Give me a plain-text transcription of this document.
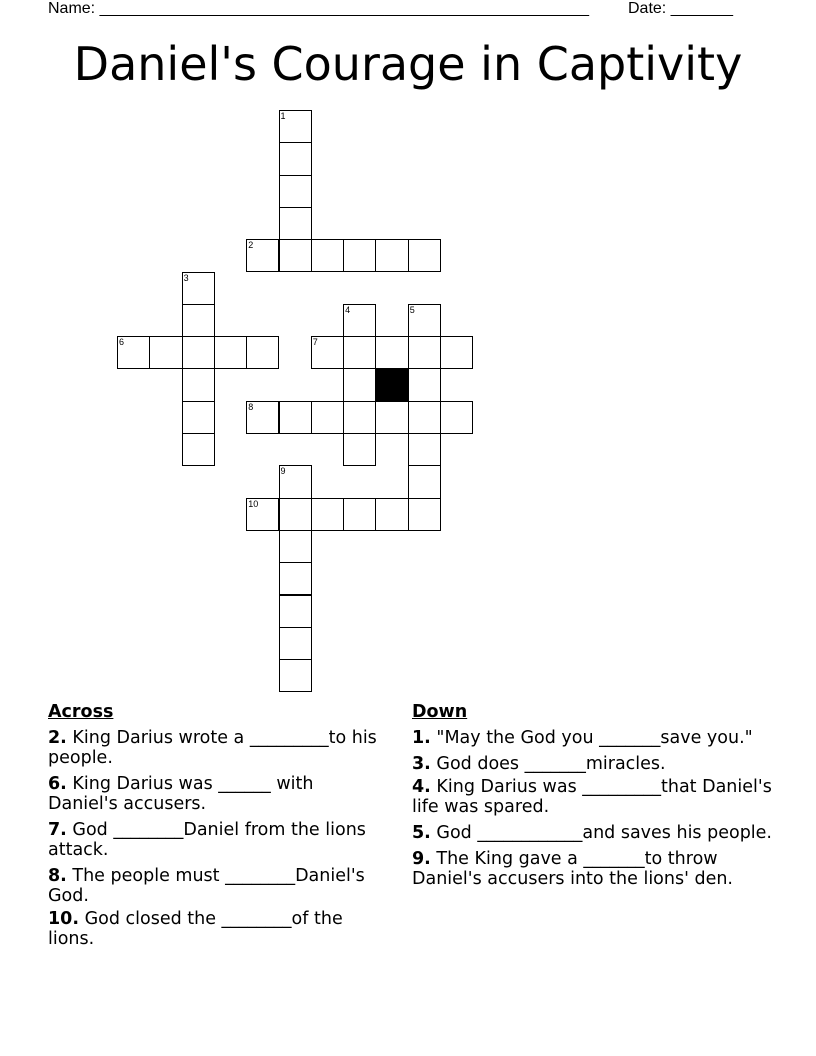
Name: _______________________________________________________ Date: _______
Daniel's Courage in Captivity
1
2
3
4	5
6	7
8
9
10
Across
2. King Darius wrote a _________to his people.
6. King Darius was ______ with Daniel's accusers.
7. God ________Daniel from the lions attack.
8. The people must ________Daniel's God.
10. God closed the ________of the lions.
Down
1. "May the God you _______save you."
3. God does _______miracles.
4. King Darius was _________that Daniel's life was spared.
5. God ____________and saves his people.
9. The King gave a _______to throw Daniel's accusers into the lions' den.
